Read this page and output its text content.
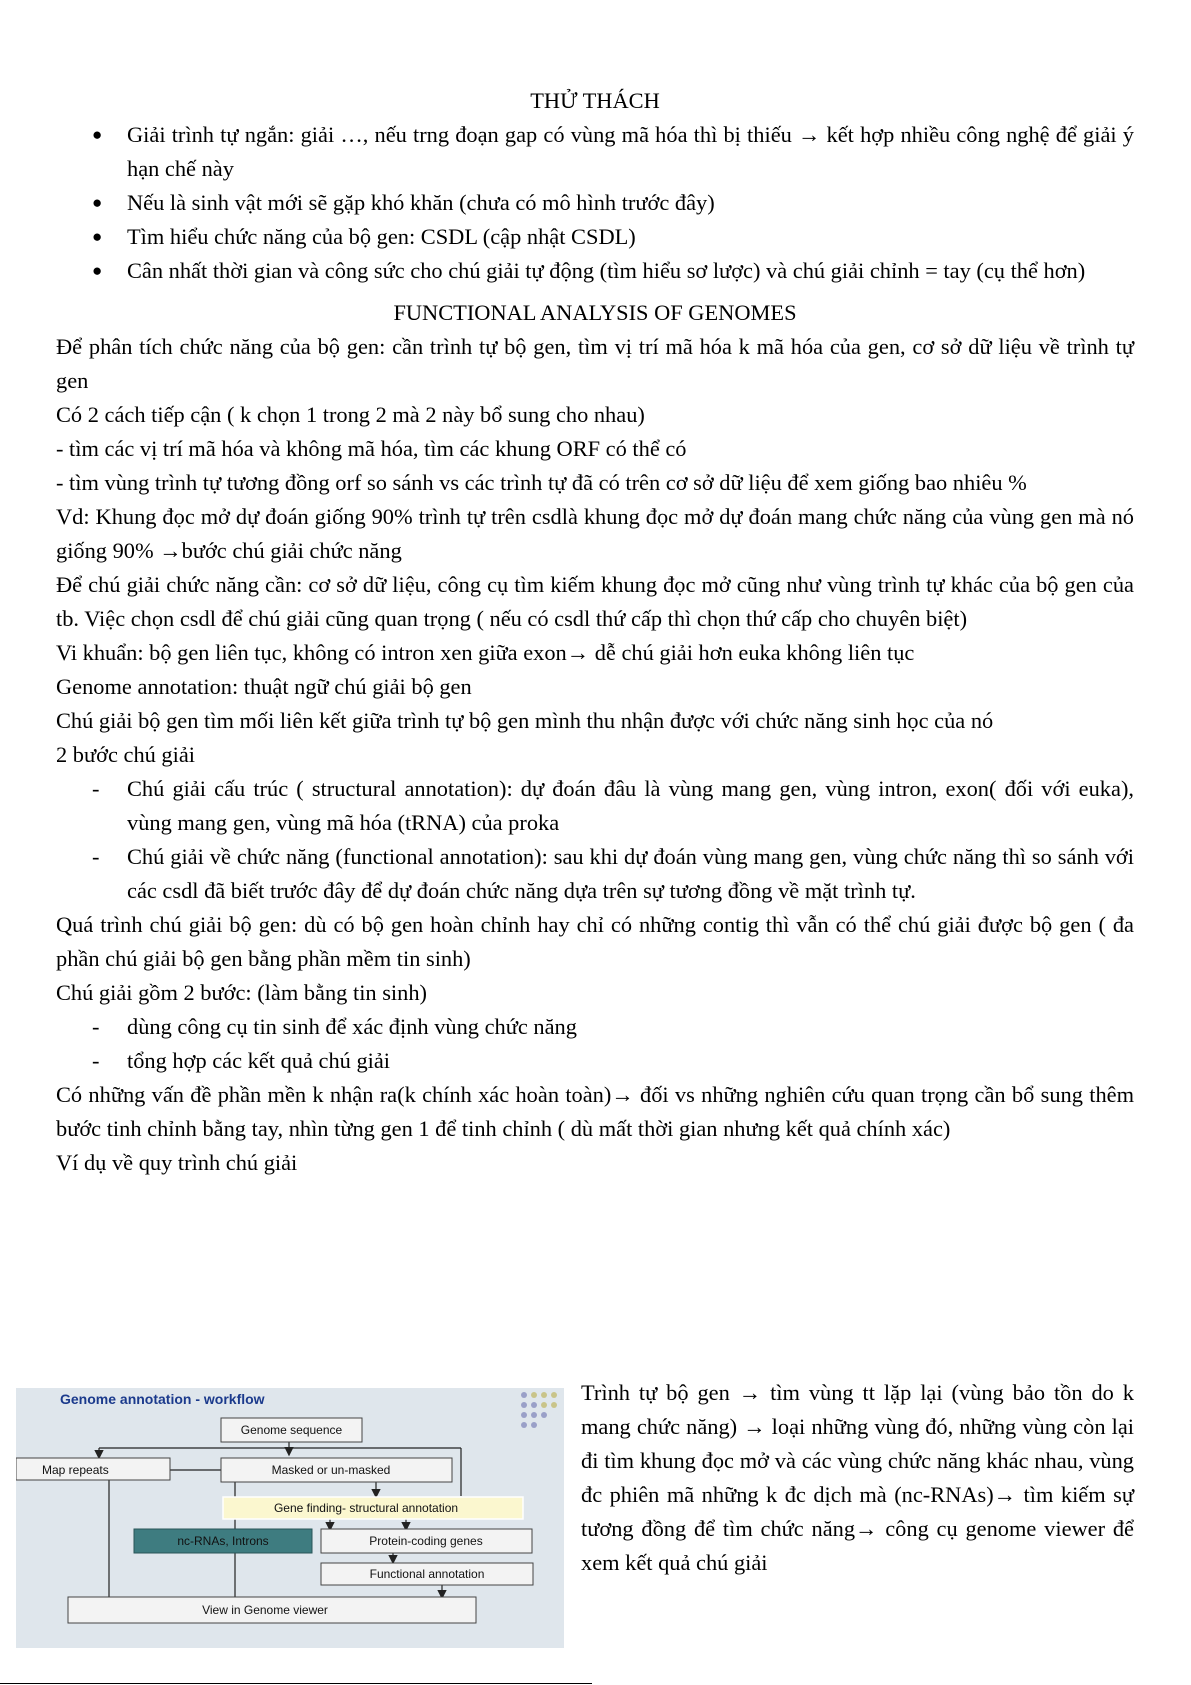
THỬ THÁCH
● Giải trình tự ngắn: giải …, nếu trng đoạn gap có vùng mã hóa thì bị thiếu → kết hợp nhiều công nghệ để giải ý hạn chế này
● Nếu là sinh vật mới sẽ gặp khó khăn (chưa có mô hình trước đây)
● Tìm hiểu chức năng của bộ gen: CSDL (cập nhật CSDL)
● Cân nhất thời gian và công sức cho chú giải tự động (tìm hiểu sơ lược) và chú giải chỉnh = tay (cụ thể hơn)
FUNCTIONAL ANALYSIS OF GENOMES

Để phân tích chức năng của bộ gen: cần trình tự bộ gen, tìm vị trí mã hóa k mã hóa của gen, cơ sở dữ liệu về trình tự gen

Có 2 cách tiếp cận ( k chọn 1 trong 2 mà 2 này bổ sung cho nhau)

- tìm các vị trí mã hóa và không mã hóa, tìm các khung ORF có thể có

- tìm vùng trình tự tương đồng orf so sánh vs các trình tự đã có trên cơ sở dữ liệu để xem giống bao nhiêu %

Vd: Khung đọc mở dự đoán giống 90% trình tự trên csdlà khung đọc mở dự đoán mang chức năng của vùng gen mà nó giống 90% →bước chú giải chức năng

Để chú giải chức năng cần: cơ sở dữ liệu, công cụ tìm kiếm khung đọc mở cũng như vùng trình tự khác của bộ gen của tb. Việc chọn csdl để chú giải cũng quan trọng ( nếu có csdl thứ cấp thì chọn thứ cấp cho chuyên biệt)

Vi khuẩn: bộ gen liên tục, không có intron xen giữa exon→ dễ chú giải hơn euka không liên tục

Genome annotation: thuật ngữ chú giải bộ gen

Chú giải bộ gen tìm mối liên kết giữa trình tự bộ gen mình thu nhận được với chức năng sinh học của nó

2 bước chú giải

- Chú giải cấu trúc ( structural annotation): dự đoán đâu là vùng mang gen, vùng intron, exon( đối với euka), vùng mang gen, vùng mã hóa (tRNA) của proka
- Chú giải về chức năng (functional annotation): sau khi dự đoán vùng mang gen, vùng chức năng thì so sánh với các csdl đã biết trước đây để dự đoán chức năng dựa trên sự tương đồng về mặt trình tự.

Quá trình chú giải bộ gen: dù có bộ gen hoàn chỉnh hay chỉ có những contig thì vẫn có thể chú giải được bộ gen ( đa phần chú giải bộ gen bằng phần mềm tin sinh)

Chú giải gồm 2 bước: (làm bằng tin sinh)

- dùng công cụ tin sinh để xác định vùng chức năng
- tổng hợp các kết quả chú giải

Có những vấn đề phần mền k nhận ra(k chính xác hoàn toàn)→ đối vs những nghiên cứu quan trọng cần bổ sung thêm bước tinh chỉnh bằng tay, nhìn từng gen 1 để tinh chỉnh ( dù mất thời gian nhưng kết quả chính xác)

Ví dụ về quy trình chú giải

Genome annotation - workflow
Genome sequence
Map repeats	Masked or un-masked
Gene finding- structural annotation
nc-RNAs, Introns	Protein-coding genes
Functional annotation
View in Genome viewer
Trình tự bộ gen → tìm vùng tt lặp lại (vùng bảo tồn do k mang chức năng) → loại những vùng đó, những vùng còn lại đi tìm khung đọc mở và các vùng chức năng khác nhau, vùng đc phiên mã những k đc dịch mà (nc-RNAs)→ tìm kiếm sự tương đồng để tìm chức năng→ công cụ genome viewer để xem kết quả chú giải
